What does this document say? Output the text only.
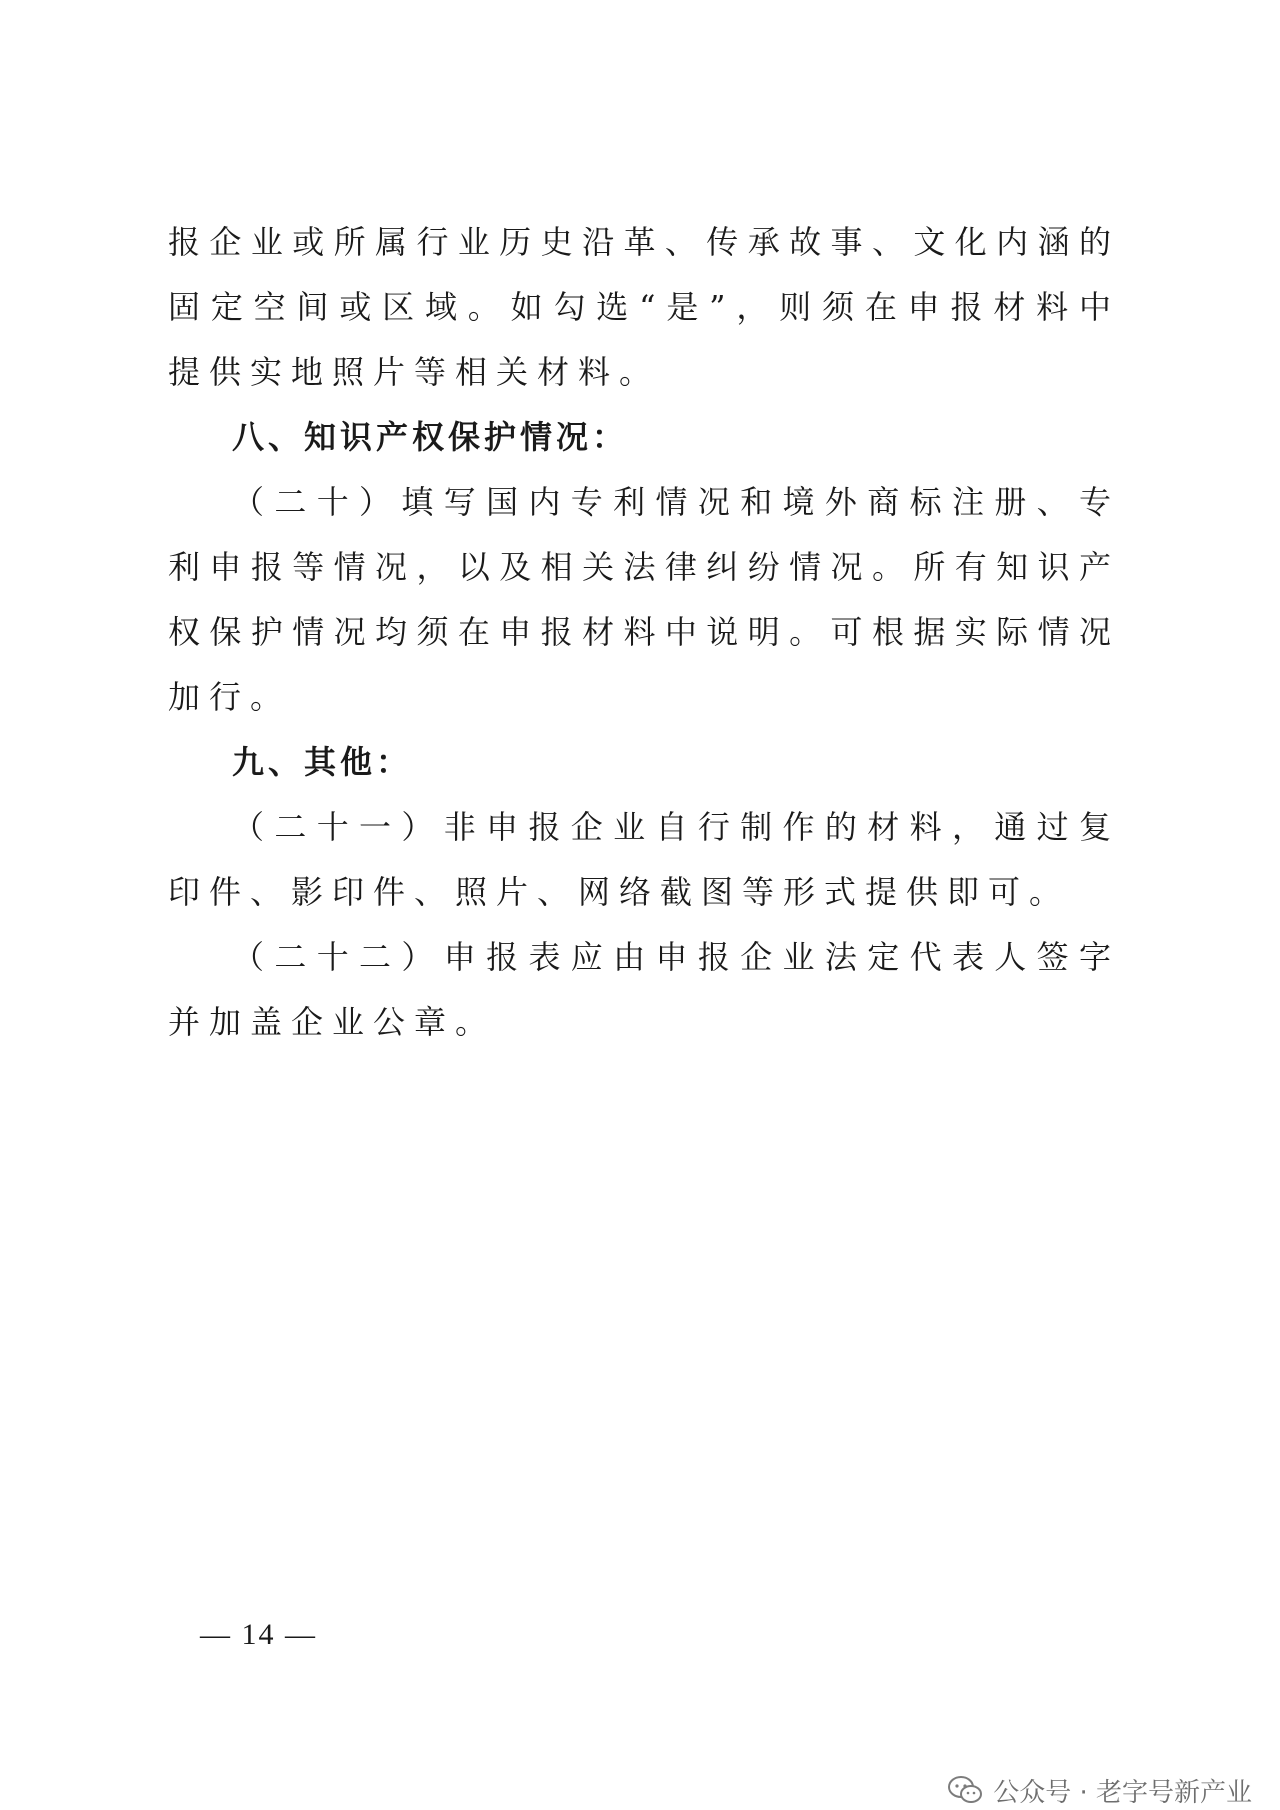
报企业或所属行业历史沿革、传承故事、文化内涵的固定空间或区域。如勾选“是”，则须在申报材料中提供实地照片等相关材料。

八、知识产权保护情况：

（二十）填写国内专利情况和境外商标注册、专利申报等情况，以及相关法律纠纷情况。所有知识产权保护情况均须在申报材料中说明。可根据实际情况加行。

九、其他：

（二十一）非申报企业自行制作的材料，通过复印件、影印件、照片、网络截图等形式提供即可。

（二十二）申报表应由申报企业法定代表人签字并加盖企业公章。

— 14 —
公众号 · 老字号新产业
